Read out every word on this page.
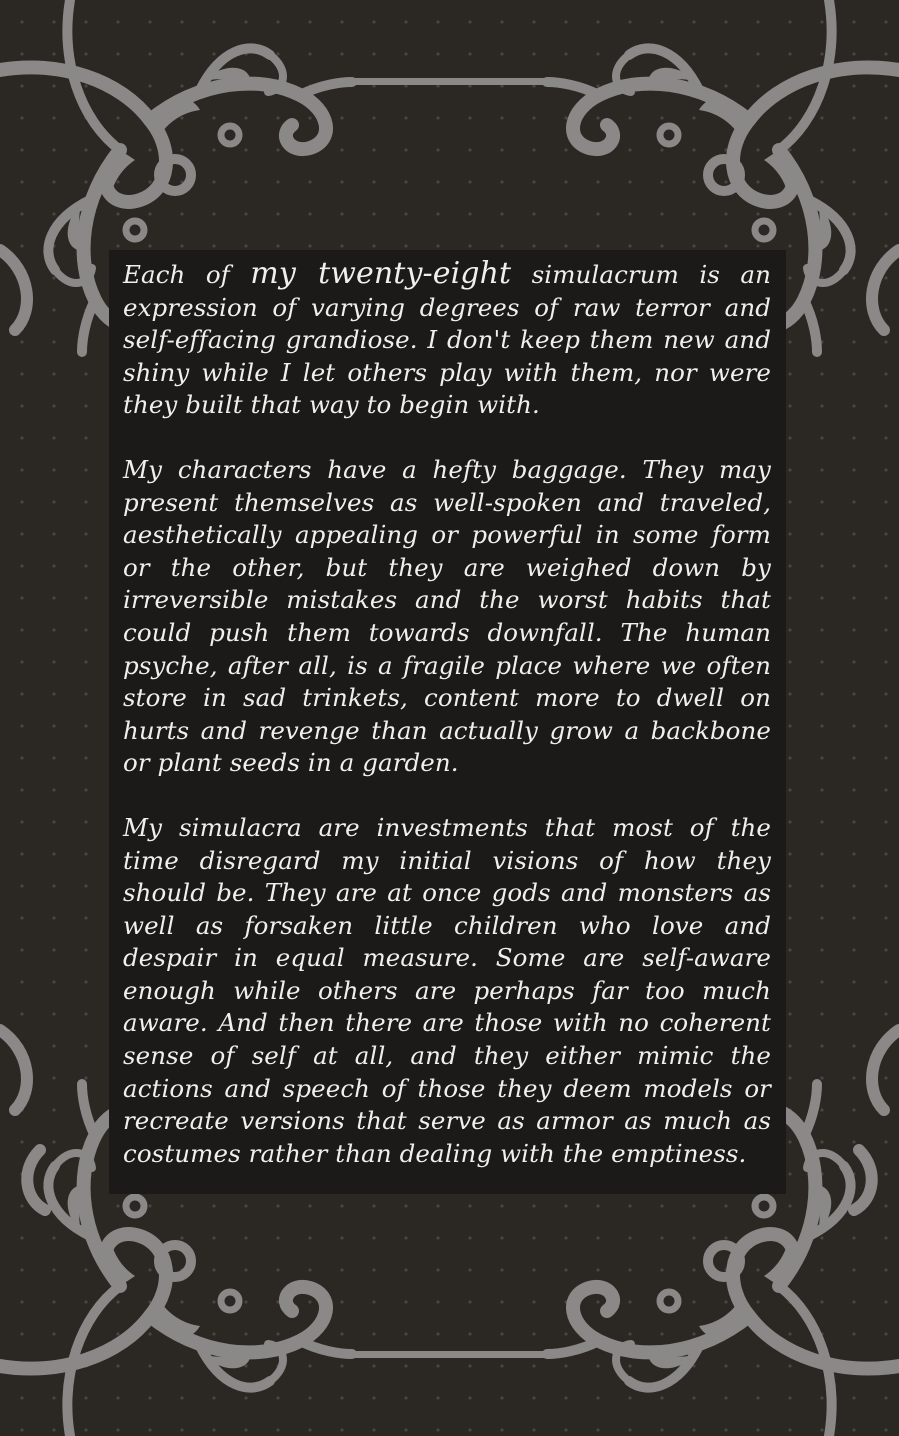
Each of my twenty-eight simulacrum is an expression of varying degrees of raw terror and self-effacing grandiose. I don't keep them new and shiny while I let others play with them, nor were they built that way to begin with.

My characters have a hefty baggage. They may present themselves as well-spoken and traveled, aesthetically appealing or powerful in some form or the other, but they are weighed down by irreversible mistakes and the worst habits that could push them towards downfall. The human psyche, after all, is a fragile place where we often store in sad trinkets, content more to dwell on hurts and revenge than actually grow a backbone or plant seeds in a garden.

My simulacra are investments that most of the time disregard my initial visions of how they should be. They are at once gods and monsters as well as forsaken little children who love and despair in equal measure. Some are self-aware enough while others are perhaps far too much aware. And then there are those with no coherent sense of self at all, and they either mimic the actions and speech of those they deem models or recreate versions that serve as armor as much as costumes rather than dealing with the emptiness.
